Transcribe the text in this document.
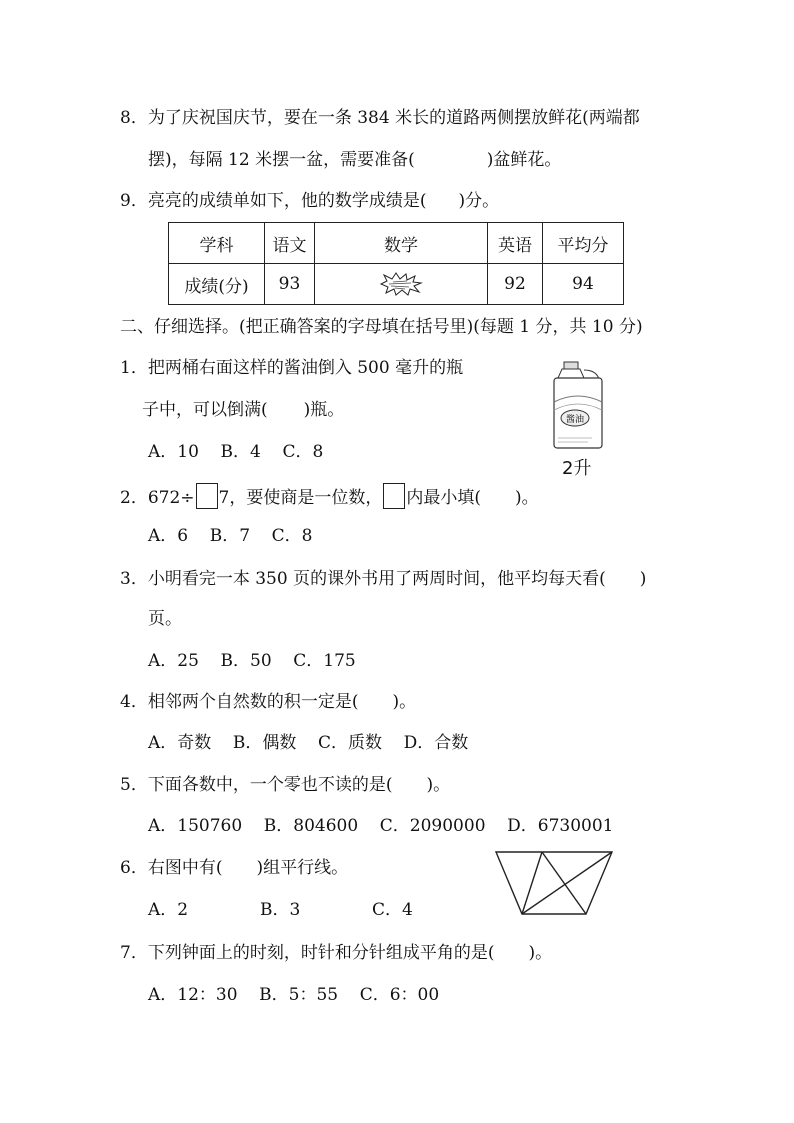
8．为了庆祝国庆节，要在一条 384 米长的道路两侧摆放鲜花(两端都
摆)，每隔 12 米摆一盆，需要准备(	)盆鲜花。
9．亮亮的成绩单如下，他的数学成绩是( )分。
学科	语文	数学	英语	平均分
成绩(分)	93		92	94
二、仔细选择。(把正确答案的字母填在括号里)(每题 1 分，共 10 分)
1．把两桶右面这样的酱油倒入 500 毫升的瓶
子中，可以倒满( )瓶。
A．10    B．4    C．8
酱油
2升
2．672÷ 7，要使商是一位数， 内最小填( )。
A．6    B．7    C．8
3．小明看完一本 350 页的课外书用了两周时间，他平均每天看( )
页。
A．25    B．50    C．175
4．相邻两个自然数的积一定是( )。
A．奇数    B．偶数    C．质数    D．合数
5．下面各数中，一个零也不读的是( )。
A．150760    B．804600    C．2090000    D．6730001
6．右图中有( )组平行线。
A．2	B．3	C．4
7．下列钟面上的时刻，时针和分针组成平角的是( )。
A．12：30    B．5：55    C．6：00
